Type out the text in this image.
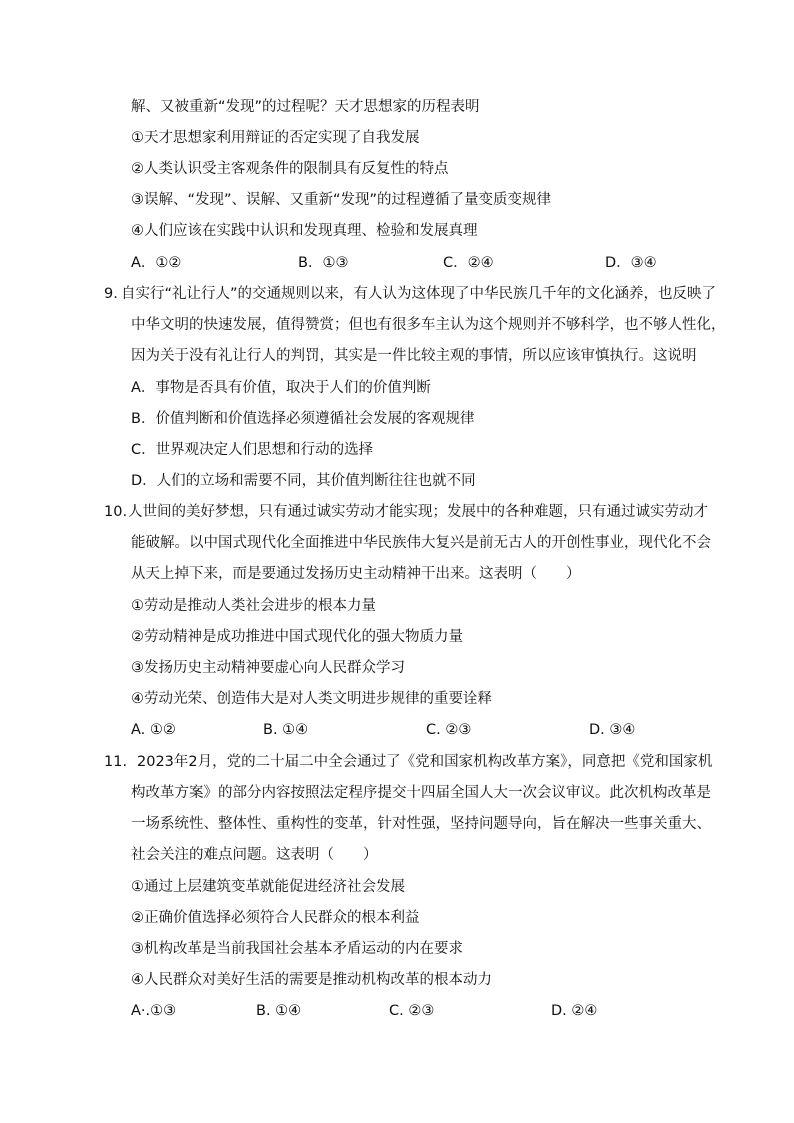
解、又被重新“发现”的过程呢？天才思想家的历程表明
①天才思想家利用辩证的否定实现了自我发展
②人类认识受主客观条件的限制具有反复性的特点
③误解、“发现”、误解、又重新“发现”的过程遵循了量变质变规律
④人们应该在实践中认识和发现真理、检验和发展真理
A．①②	B．①③	C．②④	D．③④
9. 自实行“礼让行人”的交通规则以来，有人认为这体现了中华民族几千年的文化涵养，也反映了
中华文明的快速发展，值得赞赏；但也有很多车主认为这个规则并不够科学，也不够人性化，
因为关于没有礼让行人的判罚，其实是一件比较主观的事情，所以应该审慎执行。这说明
A．事物是否具有价值，取决于人们的价值判断
B．价值判断和价值选择必须遵循社会发展的客观规律
C．世界观决定人们思想和行动的选择
D．人们的立场和需要不同，其价值判断往往也就不同
10. 人世间的美好梦想，只有通过诚实劳动才能实现；发展中的各种难题，只有通过诚实劳动才
能破解。以中国式现代化全面推进中华民族伟大复兴是前无古人的开创性事业，现代化不会
从天上掉下来，而是要通过发扬历史主动精神干出来。这表明（　　）
①劳动是推动人类社会进步的根本力量
②劳动精神是成功推进中国式现代化的强大物质力量
③发扬历史主动精神要虚心向人民群众学习
④劳动光荣、创造伟大是对人类文明进步规律的重要诠释
A. ①②	B. ①④	C. ②③	D. ③④
11. 2023年2月，党的二十届二中全会通过了《党和国家机构改革方案》，同意把《党和国家机
构改革方案》的部分内容按照法定程序提交十四届全国人大一次会议审议。此次机构改革是
一场系统性、整体性、重构性的变革，针对性强，坚持问题导向，旨在解决一些事关重大、
社会关注的难点问题。这表明（　　）
①通过上层建筑变革就能促进经济社会发展
②正确价值选择必须符合人民群众的根本利益
③机构改革是当前我国社会基本矛盾运动的内在要求
④人民群众对美好生活的需要是推动机构改革的根本动力
A·.①③	B. ①④	C. ②③	D. ②④
